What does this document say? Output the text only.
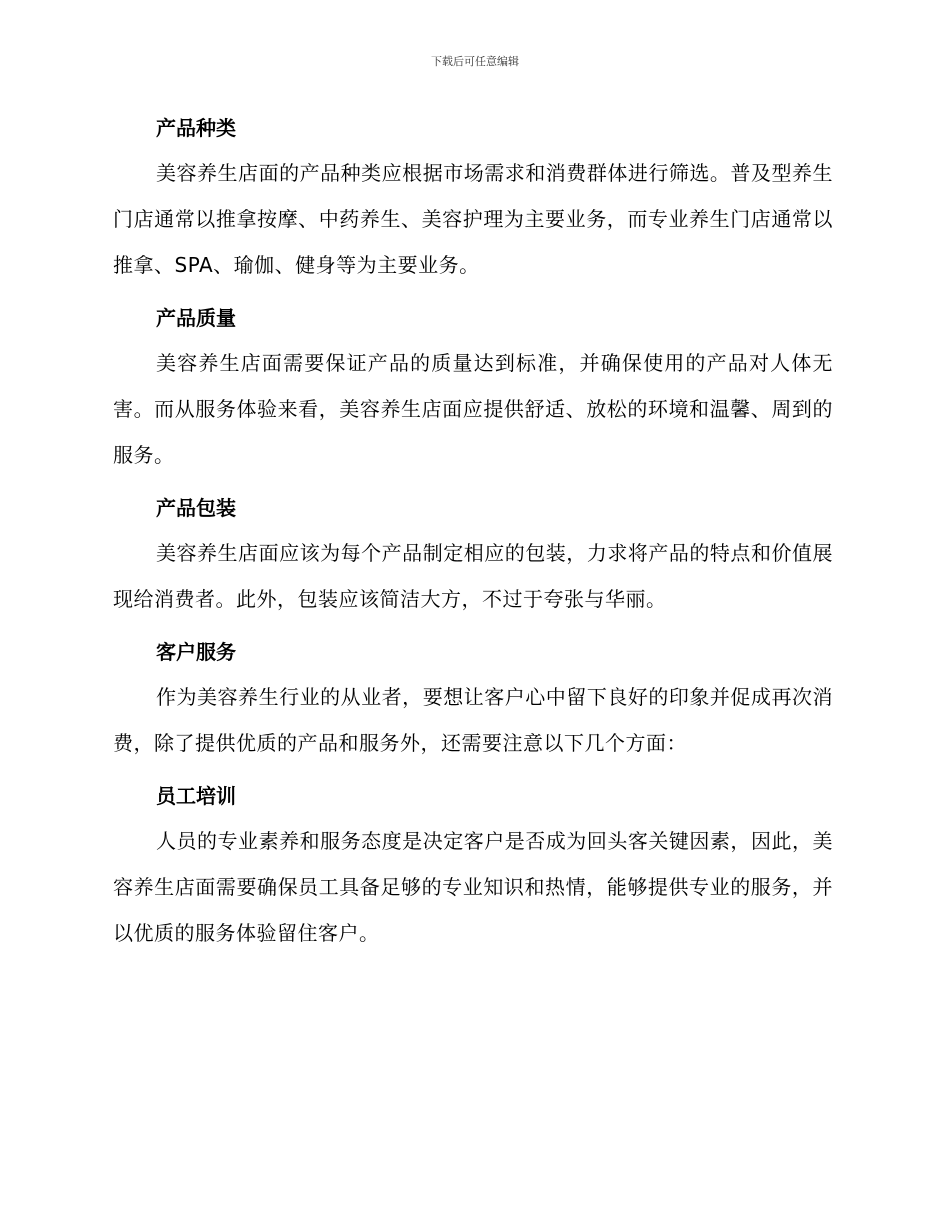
下载后可任意编辑
产品种类

美容养生店面的产品种类应根据市场需求和消费群体进行筛选。普及型养生门店通常以推拿按摩、中药养生、美容护理为主要业务，而专业养生门店通常以推拿、SPA、瑜伽、健身等为主要业务。

产品质量

美容养生店面需要保证产品的质量达到标准，并确保使用的产品对人体无害。而从服务体验来看，美容养生店面应提供舒适、放松的环境和温馨、周到的服务。

产品包装

美容养生店面应该为每个产品制定相应的包装，力求将产品的特点和价值展现给消费者。此外，包装应该简洁大方，不过于夸张与华丽。

客户服务

作为美容养生行业的从业者，要想让客户心中留下良好的印象并促成再次消费，除了提供优质的产品和服务外，还需要注意以下几个方面：

员工培训

人员的专业素养和服务态度是决定客户是否成为回头客关键因素，因此，美容养生店面需要确保员工具备足够的专业知识和热情，能够提供专业的服务，并以优质的服务体验留住客户。
